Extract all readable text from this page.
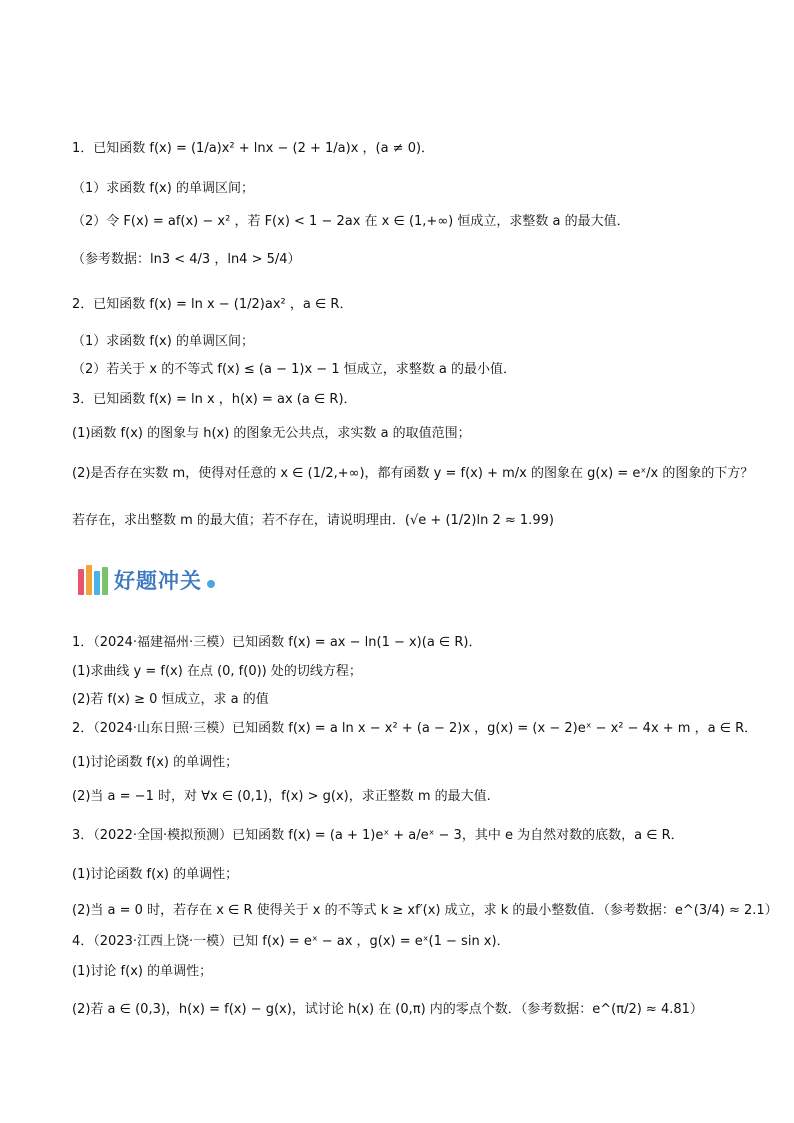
1．已知函数 f(x) = (1/a)x² + lnx − (2 + 1/a)x ，(a ≠ 0)．
（1）求函数 f(x) 的单调区间；
（2）令 F(x) = af(x) − x² ，若 F(x) < 1 − 2ax 在 x ∈ (1,+∞) 恒成立，求整数 a 的最大值．
（参考数据：ln3 < 4/3 ，ln4 > 5/4）
2．已知函数 f(x) = ln x − (1/2)ax² ，a ∈ R．
（1）求函数 f(x) 的单调区间；
（2）若关于 x 的不等式 f(x) ≤ (a − 1)x − 1 恒成立，求整数 a 的最小值．
3．已知函数 f(x) = ln x ，h(x) = ax (a ∈ R)．
(1)函数 f(x) 的图象与 h(x) 的图象无公共点，求实数 a 的取值范围；
(2)是否存在实数 m，使得对任意的 x ∈ (1/2,+∞)，都有函数 y = f(x) + m/x 的图象在 g(x) = eˣ/x 的图象的下方？
若存在，求出整数 m 的最大值；若不存在，请说明理由．(√e + (1/2)ln 2 ≈ 1.99)
好题冲关
1．（2024·福建福州·三模）已知函数 f(x) = ax − ln(1 − x)(a ∈ R)．
(1)求曲线 y = f(x) 在点 (0, f(0)) 处的切线方程；
(2)若 f(x) ≥ 0 恒成立，求 a 的值
2．（2024·山东日照·三模）已知函数 f(x) = a ln x − x² + (a − 2)x ，g(x) = (x − 2)eˣ − x² − 4x + m ，a ∈ R．
(1)讨论函数 f(x) 的单调性；
(2)当 a = −1 时，对 ∀x ∈ (0,1)，f(x) > g(x)，求正整数 m 的最大值.
3．（2022·全国·模拟预测）已知函数 f(x) = (a + 1)eˣ + a/eˣ − 3，其中 e 为自然对数的底数，a ∈ R．
(1)讨论函数 f(x) 的单调性；
(2)当 a = 0 时，若存在 x ∈ R 使得关于 x 的不等式 k ≥ xf′(x) 成立，求 k 的最小整数值．（参考数据：e^(3/4) ≈ 2.1）
4．（2023·江西上饶·一模）已知 f(x) = eˣ − ax ，g(x) = eˣ(1 − sin x)．
(1)讨论 f(x) 的单调性；
(2)若 a ∈ (0,3)，h(x) = f(x) − g(x)，试讨论 h(x) 在 (0,π) 内的零点个数．（参考数据：e^(π/2) ≈ 4.81）
